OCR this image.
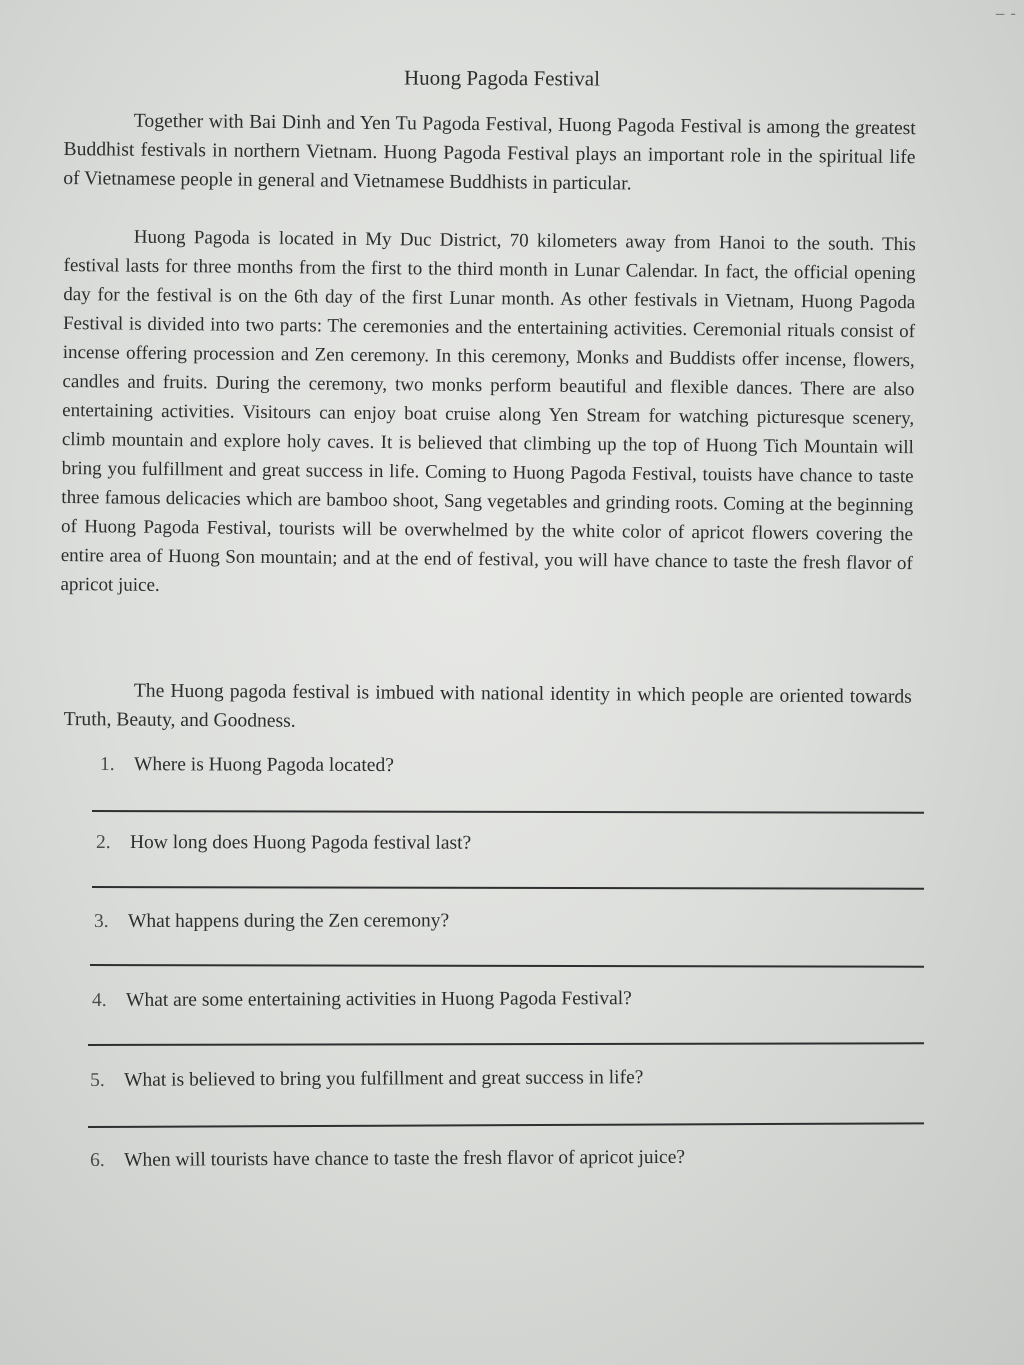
‒ ‐
Huong Pagoda Festival

Together with Bai Dinh and Yen Tu Pagoda Festival, Huong Pagoda Festival is among the greatest Buddhist festivals in northern Vietnam. Huong Pagoda Festival plays an important role in the spiritual life of Vietnamese people in general and Vietnamese Buddhists in particular.

Huong Pagoda is located in My Duc District, 70 kilometers away from Hanoi to the south. This festival lasts for three months from the first to the third month in Lunar Calendar. In fact, the official opening day for the festival is on the 6th day of the first Lunar month. As other festivals in Vietnam, Huong Pagoda Festival is divided into two parts: The ceremonies and the entertaining activities. Ceremonial rituals consist of incense offering procession and Zen ceremony. In this ceremony, Monks and Buddists offer incense, flowers, candles and fruits. During the ceremony, two monks perform beautiful and flexible dances. There are also entertaining activities. Visitours can enjoy boat cruise along Yen Stream for watching picturesque scenery, climb mountain and explore holy caves. It is believed that climbing up the top of Huong Tich Mountain will bring you fulfillment and great success in life. Coming to Huong Pagoda Festival, touists have chance to taste three famous delicacies which are bamboo shoot, Sang vegetables and grinding roots. Coming at the beginning of Huong Pagoda Festival, tourists will be overwhelmed by the white color of apricot flowers covering the entire area of Huong Son mountain; and at the end of festival, you will have chance to taste the fresh flavor of apricot juice.

The Huong pagoda festival is imbued with national identity in which people are oriented towards Truth, Beauty, and Goodness.

1. Where is Huong Pagoda located?
2. How long does Huong Pagoda festival last?
3. What happens during the Zen ceremony?
4. What are some entertaining activities in Huong Pagoda Festival?
5. What is believed to bring you fulfillment and great success in life?
6. When will tourists have chance to taste the fresh flavor of apricot juice?
